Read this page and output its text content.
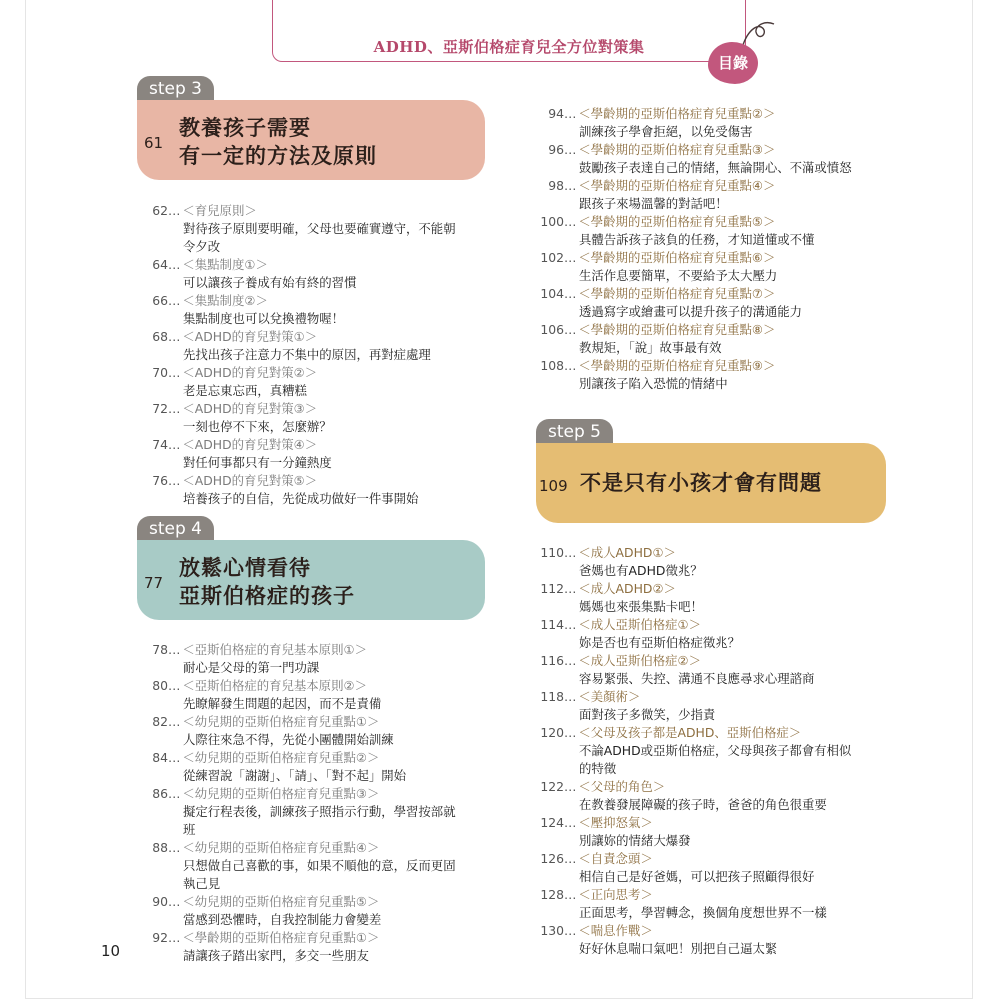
ADHD、亞斯伯格症育兒全方位對策集
目錄
step 3
61
教養孩子需要
有一定的方法及原則
62 … ＜育兒原則＞
對待孩子原則要明確，父母也要確實遵守，不能朝
令夕改
64 … ＜集點制度①＞
可以讓孩子養成有始有終的習慣
66 … ＜集點制度②＞
集點制度也可以兌換禮物喔！
68 … ＜ADHD的育兒對策①＞
先找出孩子注意力不集中的原因，再對症處理
70 … ＜ADHD的育兒對策②＞
老是忘東忘西，真糟糕
72 … ＜ADHD的育兒對策③＞
一刻也停不下來，怎麼辦？
74 … ＜ADHD的育兒對策④＞
對任何事都只有一分鐘熱度
76 … ＜ADHD的育兒對策⑤＞
培養孩子的自信，先從成功做好一件事開始
step 4
77
放鬆心情看待
亞斯伯格症的孩子
78 … ＜亞斯伯格症的育兒基本原則①＞
耐心是父母的第一門功課
80 … ＜亞斯伯格症的育兒基本原則②＞
先瞭解發生問題的起因，而不是責備
82 … ＜幼兒期的亞斯伯格症育兒重點①＞
人際往來急不得，先從小團體開始訓練
84 … ＜幼兒期的亞斯伯格症育兒重點②＞
從練習說「謝謝」、「請」、「對不起」開始
86 … ＜幼兒期的亞斯伯格症育兒重點③＞
擬定行程表後，訓練孩子照指示行動，學習按部就
班
88 … ＜幼兒期的亞斯伯格症育兒重點④＞
只想做自己喜歡的事，如果不順他的意，反而更固
執己見
90 … ＜幼兒期的亞斯伯格症育兒重點⑤＞
當感到恐懼時，自我控制能力會變差
92 … ＜學齡期的亞斯伯格症育兒重點①＞
請讓孩子踏出家門，多交一些朋友
94 … ＜學齡期的亞斯伯格症育兒重點②＞
訓練孩子學會拒絕，以免受傷害
96 … ＜學齡期的亞斯伯格症育兒重點③＞
鼓勵孩子表達自己的情緒，無論開心、不滿或憤怒
98 … ＜學齡期的亞斯伯格症育兒重點④＞
跟孩子來場溫馨的對話吧！
100 … ＜學齡期的亞斯伯格症育兒重點⑤＞
具體告訴孩子該負的任務，才知道懂或不懂
102 … ＜學齡期的亞斯伯格症育兒重點⑥＞
生活作息要簡單，不要給予太大壓力
104 … ＜學齡期的亞斯伯格症育兒重點⑦＞
透過寫字或繪畫可以提升孩子的溝通能力
106 … ＜學齡期的亞斯伯格症育兒重點⑧＞
教規矩，「說」故事最有效
108 … ＜學齡期的亞斯伯格症育兒重點⑨＞
別讓孩子陷入恐慌的情緒中
step 5
109 不是只有小孩才會有問題
110 … ＜成人ADHD①＞
爸媽也有ADHD徵兆？
112 … ＜成人ADHD②＞
媽媽也來張集點卡吧！
114 … ＜成人亞斯伯格症①＞
妳是否也有亞斯伯格症徵兆？
116 … ＜成人亞斯伯格症②＞
容易緊張、失控、溝通不良應尋求心理諮商
118 … ＜美顏術＞
面對孩子多微笑，少指責
120 … ＜父母及孩子都是ADHD、亞斯伯格症＞
不論ADHD或亞斯伯格症，父母與孩子都會有相似
的特徵
122 … ＜父母的角色＞
在教養發展障礙的孩子時，爸爸的角色很重要
124 … ＜壓抑怒氣＞
別讓妳的情緒大爆發
126 … ＜自責念頭＞
相信自己是好爸媽，可以把孩子照顧得很好
128 … ＜正向思考＞
正面思考，學習轉念，換個角度想世界不一樣
130 … ＜喘息作戰＞
好好休息喘口氣吧！別把自己逼太緊
10
